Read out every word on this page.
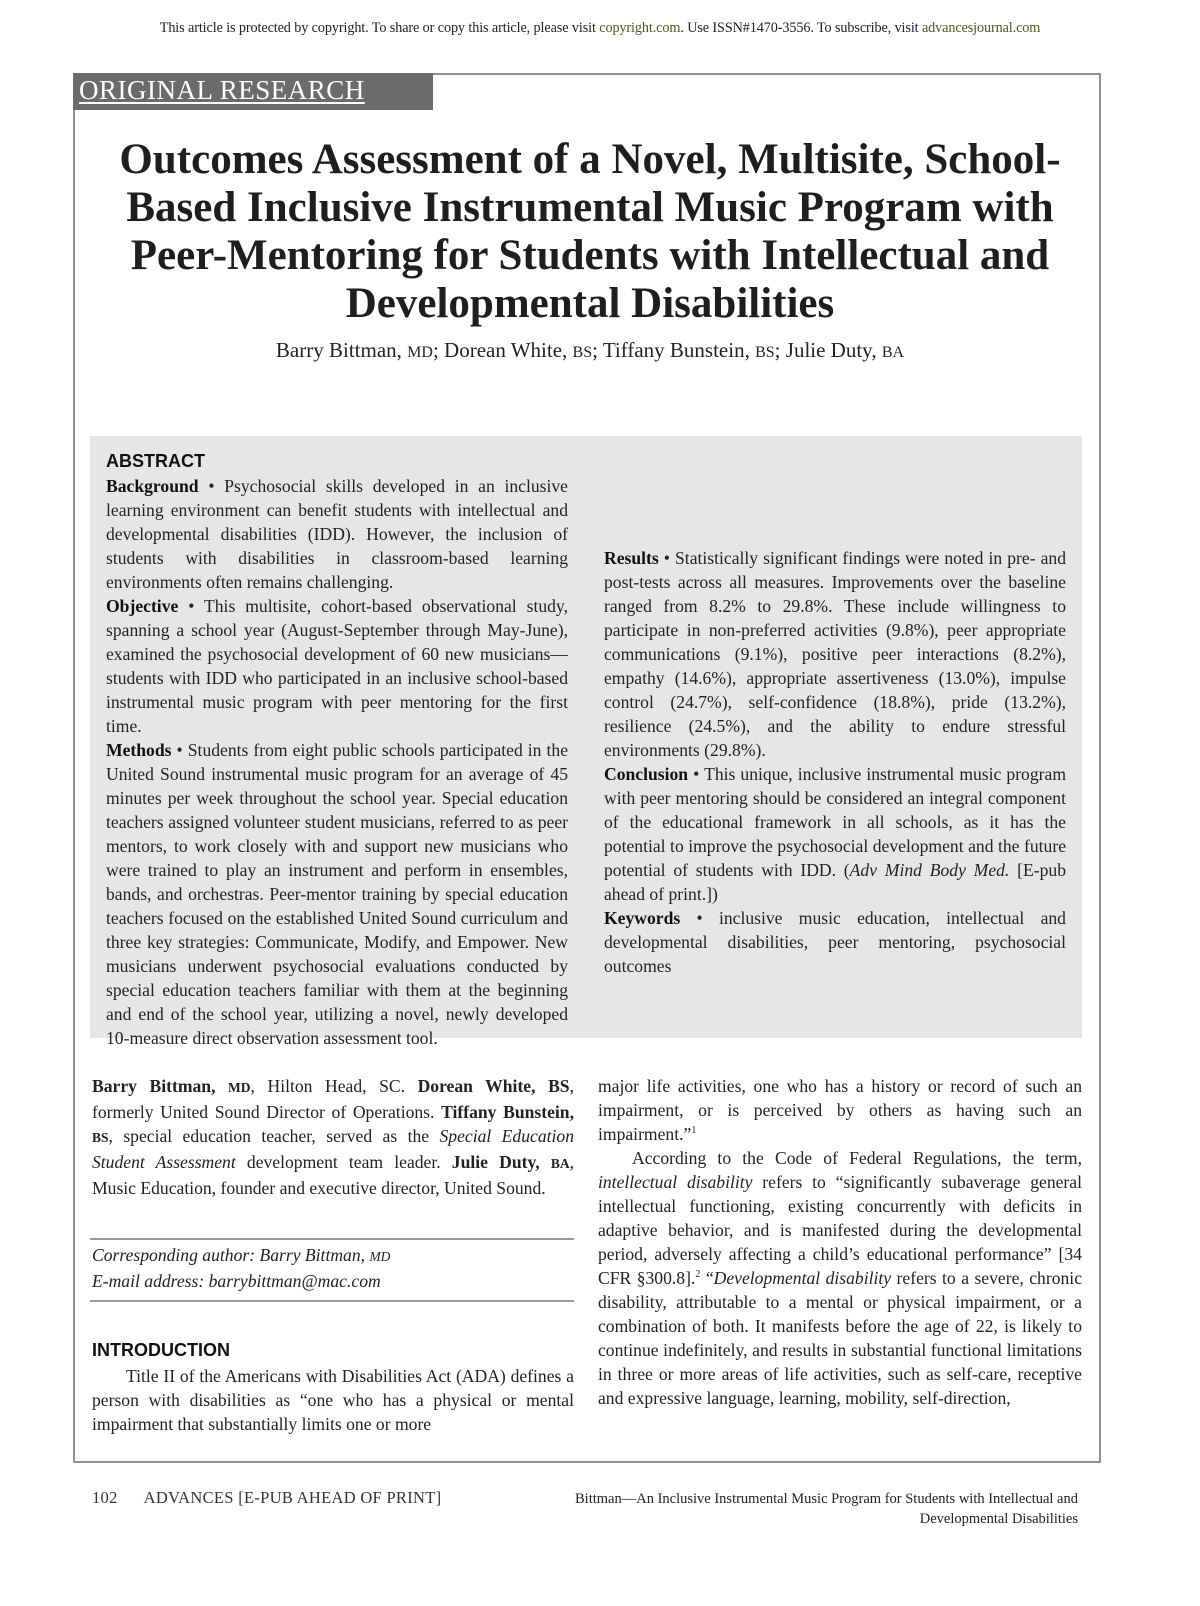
This article is protected by copyright. To share or copy this article, please visit copyright.com. Use ISSN#1470-3556. To subscribe, visit advancesjournal.com
ORIGINAL RESEARCH
Outcomes Assessment of a Novel, Multisite, School-Based Inclusive Instrumental Music Program with Peer-Mentoring for Students with Intellectual and Developmental Disabilities
Barry Bittman, MD; Dorean White, BS; Tiffany Bunstein, BS; Julie Duty, BA
ABSTRACT

Background • Psychosocial skills developed in an inclusive learning environment can benefit students with intellectual and developmental disabilities (IDD). However, the inclusion of students with disabilities in classroom-based learning environments often remains challenging.

Objective • This multisite, cohort-based observational study, spanning a school year (August-September through May-June), examined the psychosocial development of 60 new musicians—students with IDD who participated in an inclusive school-based instrumental music program with peer mentoring for the first time.

Methods • Students from eight public schools participated in the United Sound instrumental music program for an average of 45 minutes per week throughout the school year. Special education teachers assigned volunteer student musicians, referred to as peer mentors, to work closely with and support new musicians who were trained to play an instrument and perform in ensembles, bands, and orchestras. Peer-mentor training by special education teachers focused on the established United Sound curriculum and three key strategies: Communicate, Modify, and Empower. New musicians underwent psychosocial evaluations conducted by special education teachers familiar with them at the beginning and end of the school year, utilizing a novel, newly developed 10-measure direct observation assessment tool.

Results • Statistically significant findings were noted in pre- and post-tests across all measures. Improvements over the baseline ranged from 8.2% to 29.8%. These include willingness to participate in non-preferred activities (9.8%), peer appropriate communications (9.1%), positive peer interactions (8.2%), empathy (14.6%), appropriate assertiveness (13.0%), impulse control (24.7%), self-confidence (18.8%), pride (13.2%), resilience (24.5%), and the ability to endure stressful environments (29.8%).

Conclusion • This unique, inclusive instrumental music program with peer mentoring should be considered an integral component of the educational framework in all schools, as it has the potential to improve the psychosocial development and the future potential of students with IDD. (Adv Mind Body Med. [E-pub ahead of print.])

Keywords • inclusive music education, intellectual and developmental disabilities, peer mentoring, psychosocial outcomes

Barry Bittman, MD, Hilton Head, SC. Dorean White, BS, formerly United Sound Director of Operations. Tiffany Bunstein, BS, special education teacher, served as the Special Education Student Assessment development team leader. Julie Duty, BA, Music Education, founder and executive director, United Sound.

Corresponding author: Barry Bittman, MD
E-mail address: barrybittman@mac.com
INTRODUCTION

Title II of the Americans with Disabilities Act (ADA) defines a person with disabilities as “one who has a physical or mental impairment that substantially limits one or more

major life activities, one who has a history or record of such an impairment, or is perceived by others as having such an impairment.”$^1$

According to the Code of Federal Regulations, the term, intellectual disability refers to “significantly subaverage general intellectual functioning, existing concurrently with deficits in adaptive behavior, and is manifested during the developmental period, adversely affecting a child’s educational performance” [34 CFR §300.8].$^2$ “Developmental disability refers to a severe, chronic disability, attributable to a mental or physical impairment, or a combination of both. It manifests before the age of 22, is likely to continue indefinitely, and results in substantial functional limitations in three or more areas of life activities, such as self-care, receptive and expressive language, learning, mobility, self-direction,

102 ADVANCES [E-PUB AHEAD OF PRINT]	Bittman—An Inclusive Instrumental Music Program for Students with Intellectual and Developmental Disabilities
